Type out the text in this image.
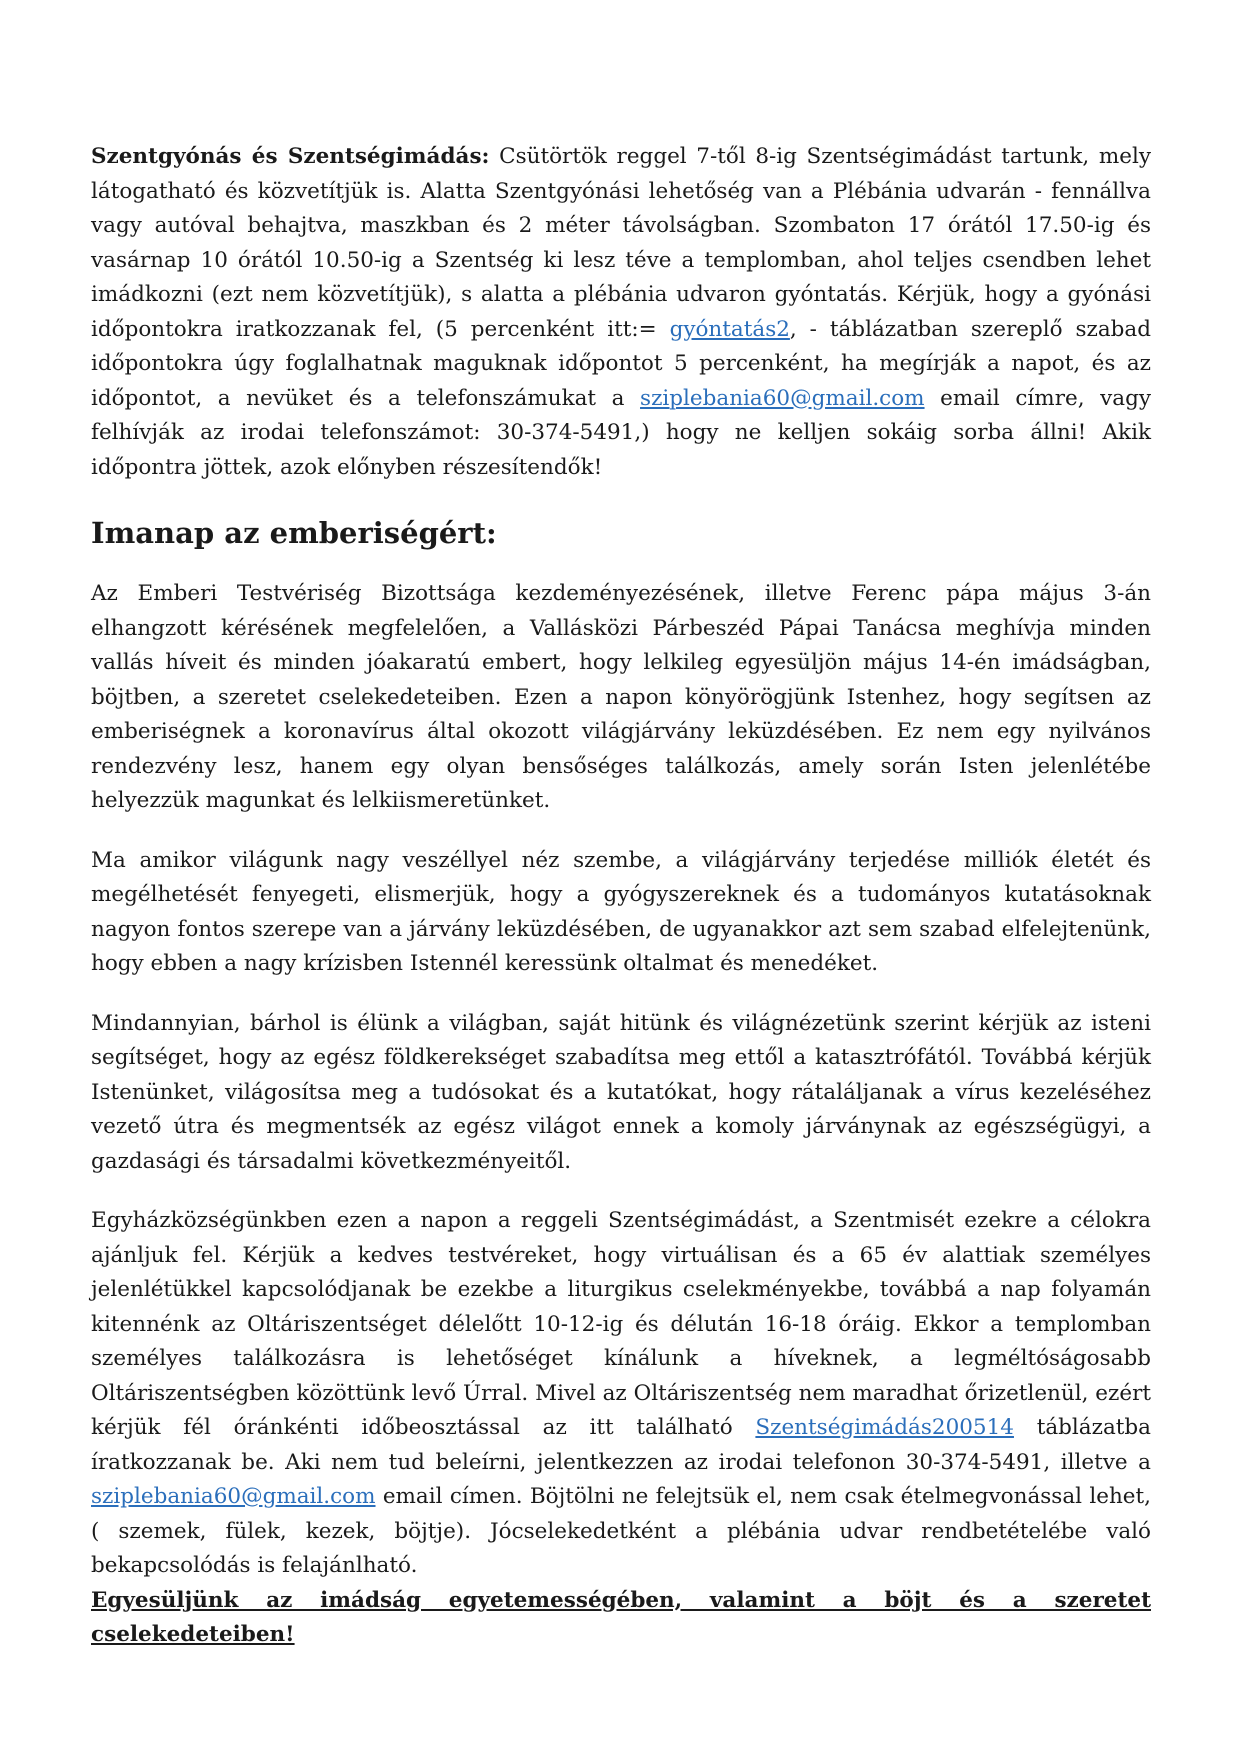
Szentgyónás és Szentségimádás: Csütörtök reggel 7-től 8-ig Szentségimádást tartunk, mely látogatható és közvetítjük is. Alatta Szentgyónási lehetőség van a Plébánia udvarán - fennállva vagy autóval behajtva, maszkban és 2 méter távolságban. Szombaton 17 órától 17.50-ig és vasárnap 10 órától 10.50-ig a Szentség ki lesz téve a templomban, ahol teljes csendben lehet imádkozni (ezt nem közvetítjük), s alatta a plébánia udvaron gyóntatás. Kérjük, hogy a gyónási időpontokra iratkozzanak fel, (5 percenként itt:= gyóntatás2, - táblázatban szereplő szabad időpontokra úgy foglalhatnak maguknak időpontot 5 percenként, ha megírják a napot, és az időpontot, a nevüket és a telefonszámukat a sziplebania60@gmail.com email címre, vagy felhívják az irodai telefonszámot: 30-374-5491,) hogy ne kelljen sokáig sorba állni! Akik időpontra jöttek, azok előnyben részesítendők!

Imanap az emberiségért:

Az Emberi Testvériség Bizottsága kezdeményezésének, illetve Ferenc pápa május 3-án elhangzott kérésének megfelelően, a Vallásközi Párbeszéd Pápai Tanácsa meghívja minden vallás híveit és minden jóakaratú embert, hogy lelkileg egyesüljön május 14-én imádságban, böjtben, a szeretet cselekedeteiben. Ezen a napon könyörögjünk Istenhez, hogy segítsen az emberiségnek a koronavírus által okozott világjárvány leküzdésében. Ez nem egy nyilvános rendezvény lesz, hanem egy olyan bensőséges találkozás, amely során Isten jelenlétébe helyezzük magunkat és lelkiismeretünket.

Ma amikor világunk nagy veszéllyel néz szembe, a világjárvány terjedése milliók életét és megélhetését fenyegeti, elismerjük, hogy a gyógyszereknek és a tudományos kutatásoknak nagyon fontos szerepe van a járvány leküzdésében, de ugyanakkor azt sem szabad elfelejtenünk, hogy ebben a nagy krízisben Istennél keressünk oltalmat és menedéket.

Mindannyian, bárhol is élünk a világban, saját hitünk és világnézetünk szerint kérjük az isteni segítséget, hogy az egész földkerekséget szabadítsa meg ettől a katasztrófától. Továbbá kérjük Istenünket, világosítsa meg a tudósokat és a kutatókat, hogy rátaláljanak a vírus kezeléséhez vezető útra és megmentsék az egész világot ennek a komoly járványnak az egészségügyi, a gazdasági és társadalmi következményeitől.

Egyházközségünkben ezen a napon a reggeli Szentségimádást, a Szentmisét ezekre a célokra ajánljuk fel. Kérjük a kedves testvéreket, hogy virtuálisan és a 65 év alattiak személyes jelenlétükkel kapcsolódjanak be ezekbe a liturgikus cselekményekbe, továbbá a nap folyamán kitennénk az Oltáriszentséget délelőtt 10-12-ig és délután 16-18 óráig. Ekkor a templomban személyes találkozásra is lehetőséget kínálunk a híveknek, a legméltóságosabb Oltáriszentségben közöttünk levő Úrral. Mivel az Oltáriszentség nem maradhat őrizetlenül, ezért kérjük fél óránkénti időbeosztással az itt található Szentségimádás200514 táblázatba íratkozzanak be. Aki nem tud beleírni, jelentkezzen az irodai telefonon 30-374-5491, illetve a sziplebania60@gmail.com email címen. Böjtölni ne felejtsük el, nem csak ételmegvonással lehet, ( szemek, fülek, kezek, böjtje). Jócselekedetként a plébánia udvar rendbetételébe való bekapcsolódás is felajánlható.

Egyesüljünk az imádság egyetemességében, valamint a böjt és a szeretet cselekedeteiben!
